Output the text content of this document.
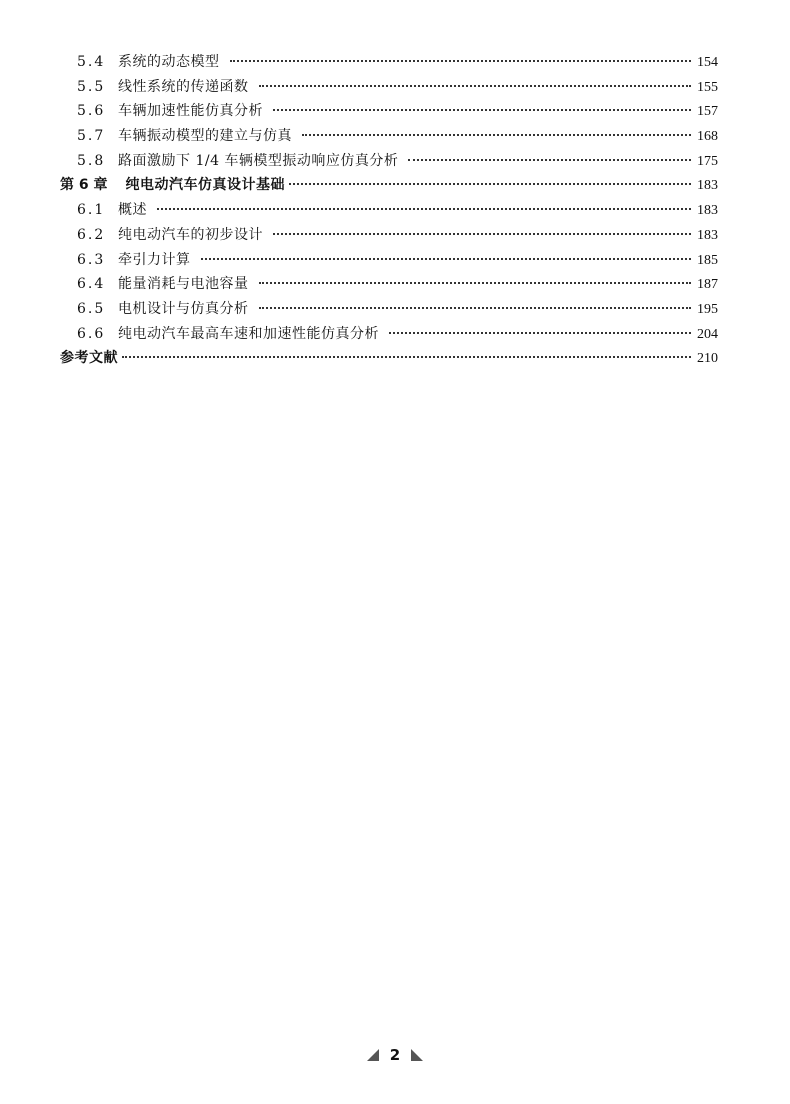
5.4 系统的动态模型	154
5.5 线性系统的传递函数	155
5.6 车辆加速性能仿真分析	157
5.7 车辆振动模型的建立与仿真	168
5.8 路面激励下 1/4 车辆模型振动响应仿真分析	175
第 6 章 纯电动汽车仿真设计基础	183
6.1 概述	183
6.2 纯电动汽车的初步设计	183
6.3 牵引力计算	185
6.4 能量消耗与电池容量	187
6.5 电机设计与仿真分析	195
6.6 纯电动汽车最高车速和加速性能仿真分析	204
参考文献	210
2
